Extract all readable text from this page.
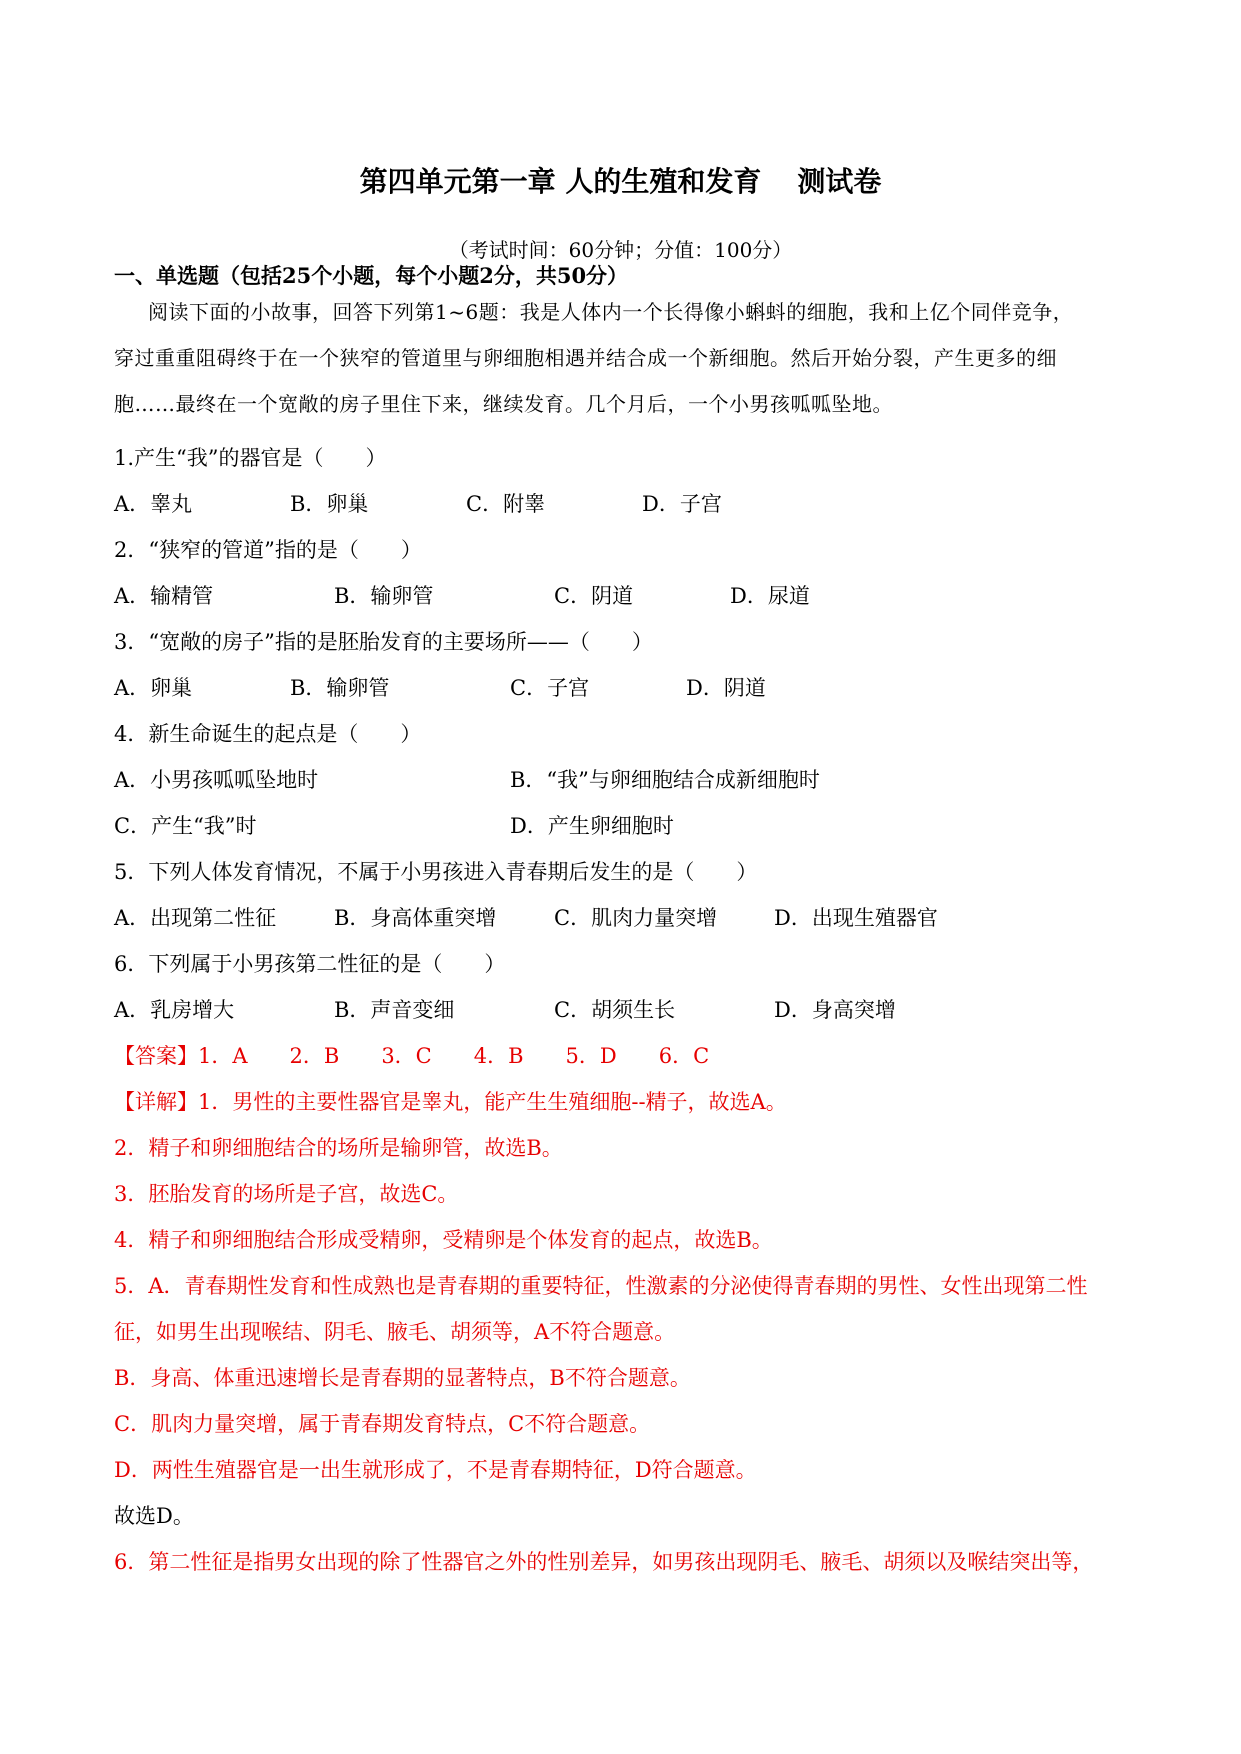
第四单元第一章 人的生殖和发育 测试卷
（考试时间：60分钟；分值：100分）
一、单选题（包括25个小题，每个小题2分，共50分）
阅读下面的小故事，回答下列第1~6题：我是人体内一个长得像小蝌蚪的细胞，我和上亿个同伴竞争，
穿过重重阻碍终于在一个狭窄的管道里与卵细胞相遇并结合成一个新细胞。然后开始分裂，产生更多的细
胞……最终在一个宽敞的房子里住下来，继续发育。几个月后，一个小男孩呱呱坠地。
1.产生“我”的器官是（　　）
A．睾丸	B．卵巢	C．附睾	D．子宫
2．“狭窄的管道”指的是（　　）
A．输精管	B．输卵管	C．阴道	D．尿道
3．“宽敞的房子”指的是胚胎发育的主要场所——（　　）
A．卵巢	B．输卵管	C．子宫	D．阴道
4．新生命诞生的起点是（　　）
A．小男孩呱呱坠地时	B．“我”与卵细胞结合成新细胞时
C．产生“我”时	D．产生卵细胞时
5．下列人体发育情况，不属于小男孩进入青春期后发生的是（　　）
A．出现第二性征	B．身高体重突增	C．肌肉力量突增	D．出现生殖器官
6．下列属于小男孩第二性征的是（　　）
A．乳房增大	B．声音变细	C．胡须生长	D．身高突增
【答案】1．A　　2．B　　3．C　　4．B　　5．D　　6．C
【详解】1．男性的主要性器官是睾丸，能产生生殖细胞--精子，故选A。
2．精子和卵细胞结合的场所是输卵管，故选B。
3．胚胎发育的场所是子宫，故选C。
4．精子和卵细胞结合形成受精卵，受精卵是个体发育的起点，故选B。
5．A．青春期性发育和性成熟也是青春期的重要特征，性激素的分泌使得青春期的男性、女性出现第二性
征，如男生出现喉结、阴毛、腋毛、胡须等，A不符合题意。
B．身高、体重迅速增长是青春期的显著特点，B不符合题意。
C．肌肉力量突增，属于青春期发育特点，C不符合题意。
D．两性生殖器官是一出生就形成了，不是青春期特征，D符合题意。
故选D。
6．第二性征是指男女出现的除了性器官之外的性别差异，如男孩出现阴毛、腋毛、胡须以及喉结突出等，
